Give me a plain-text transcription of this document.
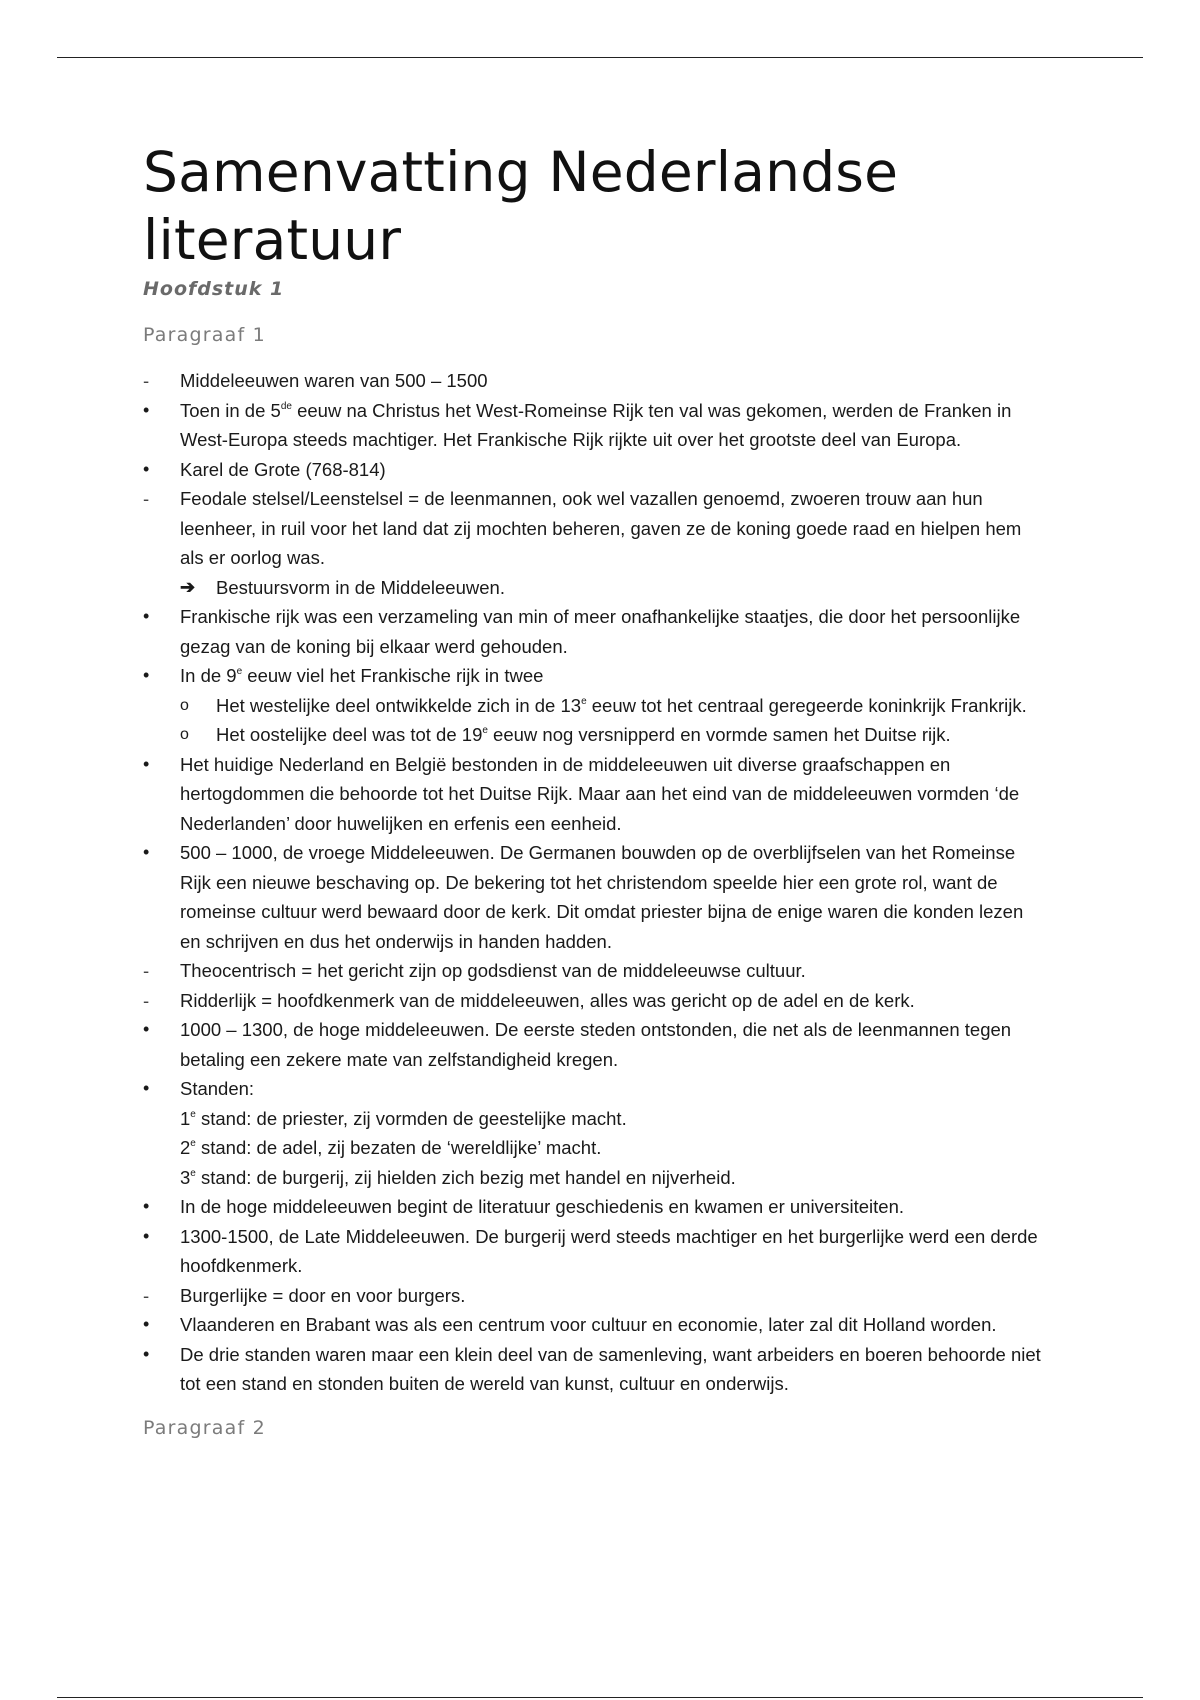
Samenvatting Nederlandse literatuur
Hoofdstuk 1
Paragraaf 1
-	Middeleeuwen waren van 500 – 1500
•	Toen in de 5de eeuw na Christus het West-Romeinse Rijk ten val was gekomen, werden de Franken in West-Europa steeds machtiger. Het Frankische Rijk rijkte uit over het grootste deel van Europa.
•	Karel de Grote (768-814)
-	Feodale stelsel/Leenstelsel = de leenmannen, ook wel vazallen genoemd, zwoeren trouw aan hun leenheer, in ruil voor het land dat zij mochten beheren, gaven ze de koning goede raad en hielpen hem als er oorlog was.
➔ Bestuursvorm in de Middeleeuwen.
•	Frankische rijk was een verzameling van min of meer onafhankelijke staatjes, die door het persoonlijke gezag van de koning bij elkaar werd gehouden.
•	In de 9e eeuw viel het Frankische rijk in twee
o	Het westelijke deel ontwikkelde zich in de 13e eeuw tot het centraal geregeerde koninkrijk Frankrijk.
o	Het oostelijke deel was tot de 19e eeuw nog versnipperd en vormde samen het Duitse rijk.
•	Het huidige Nederland en België bestonden in de middeleeuwen uit diverse graafschappen en hertogdommen die behoorde tot het Duitse Rijk. Maar aan het eind van de middeleeuwen vormden ‘de Nederlanden’ door huwelijken en erfenis een eenheid.
•	500 – 1000, de vroege Middeleeuwen. De Germanen bouwden op de overblijfselen van het Romeinse Rijk een nieuwe beschaving op. De bekering tot het christendom speelde hier een grote rol, want de romeinse cultuur werd bewaard door de kerk. Dit omdat priester bijna de enige waren die konden lezen en schrijven en dus het onderwijs in handen hadden.
-	Theocentrisch = het gericht zijn op godsdienst van de middeleeuwse cultuur.
-	Ridderlijk = hoofdkenmerk van de middeleeuwen, alles was gericht op de adel en de kerk.
•	1000 – 1300, de hoge middeleeuwen. De eerste steden ontstonden, die net als de leenmannen tegen betaling een zekere mate van zelfstandigheid kregen.
•	Standen:
1e stand: de priester, zij vormden de geestelijke macht.
2e stand: de adel, zij bezaten de ‘wereldlijke’ macht.
3e stand: de burgerij, zij hielden zich bezig met handel en nijverheid.
•	In de hoge middeleeuwen begint de literatuur geschiedenis en kwamen er universiteiten.
•	1300-1500, de Late Middeleeuwen. De burgerij werd steeds machtiger en het burgerlijke werd een derde hoofdkenmerk.
-	Burgerlijke = door en voor burgers.
•	Vlaanderen en Brabant was als een centrum voor cultuur en economie, later zal dit Holland worden.
•	De drie standen waren maar een klein deel van de samenleving, want arbeiders en boeren behoorde niet tot een stand en stonden buiten de wereld van kunst, cultuur en onderwijs.
Paragraaf 2
